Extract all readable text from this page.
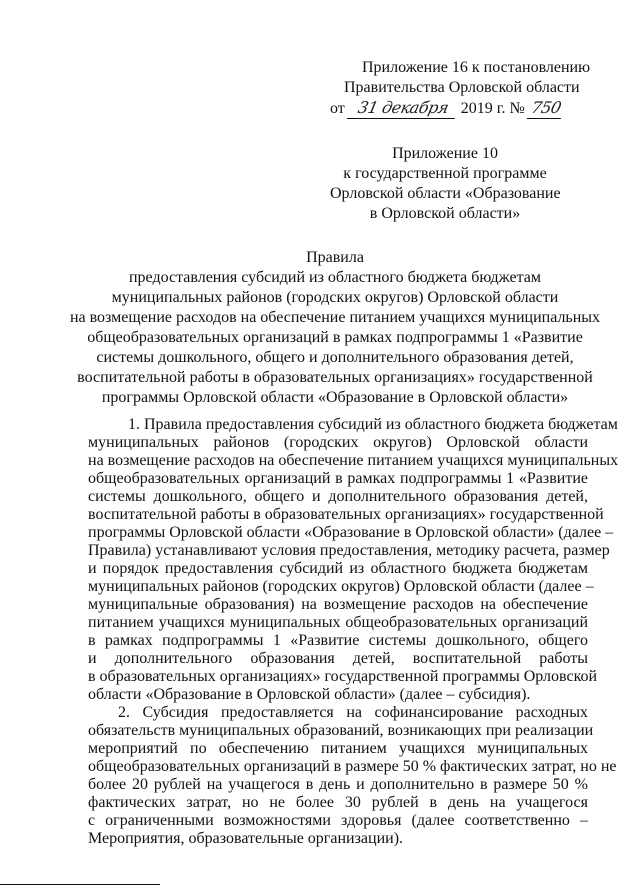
Приложение 16 к постановлению
Правительства Орловской области
от 31 декабря 2019 г. № 750
Приложение 10
к государственной программе
Орловской области «Образование
в Орловской области»
Правила
предоставления субсидий из областного бюджета бюджетам
муниципальных районов (городских округов) Орловской области
на возмещение расходов на обеспечение питанием учащихся муниципальных
общеобразовательных организаций в рамках подпрограммы 1 «Развитие
системы дошкольного, общего и дополнительного образования детей,
воспитательной работы в образовательных организациях» государственной
программы Орловской области «Образование в Орловской области»
1. Правила предоставления субсидий из областного бюджета бюджетам
муниципальных районов (городских округов) Орловской области
на возмещение расходов на обеспечение питанием учащихся муниципальных
общеобразовательных организаций в рамках подпрограммы 1 «Развитие
системы дошкольного, общего и дополнительного образования детей,
воспитательной работы в образовательных организациях» государственной
программы Орловской области «Образование в Орловской области» (далее –
Правила) устанавливают условия предоставления, методику расчета, размер
и порядок предоставления субсидий из областного бюджета бюджетам
муниципальных районов (городских округов) Орловской области (далее –
муниципальные образования) на возмещение расходов на обеспечение
питанием учащихся муниципальных общеобразовательных организаций
в рамках подпрограммы 1 «Развитие системы дошкольного, общего
и дополнительного образования детей, воспитательной работы
в образовательных организациях» государственной программы Орловской
области «Образование в Орловской области» (далее – субсидия).
2. Субсидия предоставляется на софинансирование расходных
обязательств муниципальных образований, возникающих при реализации
мероприятий по обеспечению питанием учащихся муниципальных
общеобразовательных организаций в размере 50 % фактических затрат, но не
более 20 рублей на учащегося в день и дополнительно в размере 50 %
фактических затрат, но не более 30 рублей в день на учащегося
с ограниченными возможностями здоровья (далее соответственно –
Мероприятия, образовательные организации).
